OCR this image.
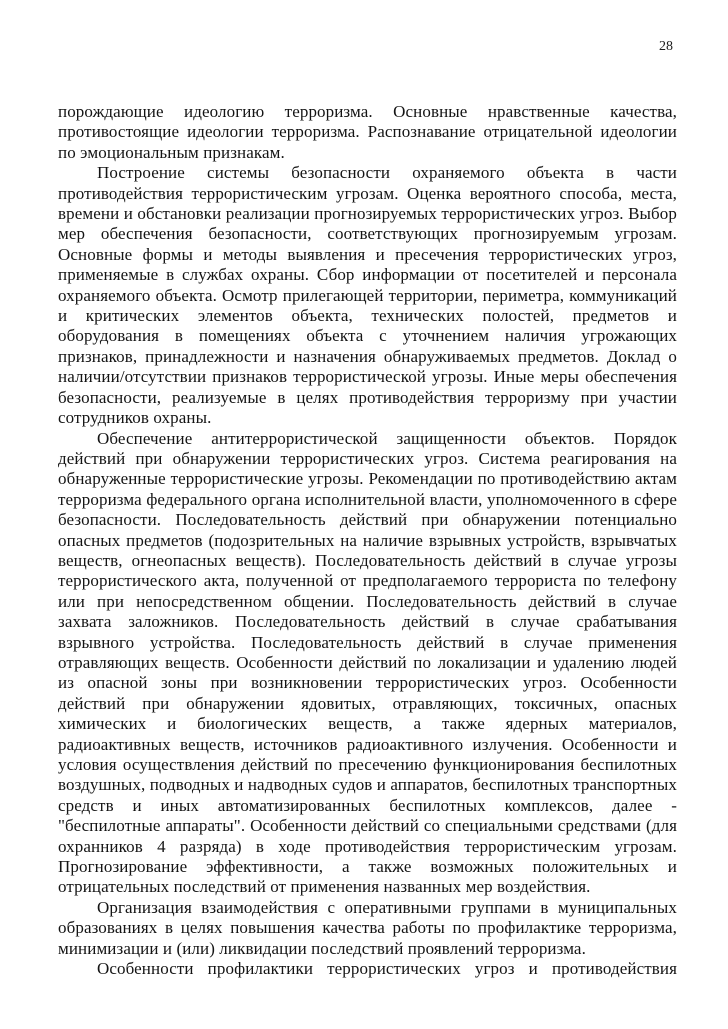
28

порождающие идеологию терроризма. Основные нравственные качества, противостоящие идеологии терроризма. Распознавание отрицательной идеологии по эмоциональным признакам.

Построение системы безопасности охраняемого объекта в части противодействия террористическим угрозам. Оценка вероятного способа, места, времени и обстановки реализации прогнозируемых террористических угроз. Выбор мер обеспечения безопасности, соответствующих прогнозируемым угрозам. Основные формы и методы выявления и пресечения террористических угроз, применяемые в службах охраны. Сбор информации от посетителей и персонала охраняемого объекта. Осмотр прилегающей территории, периметра, коммуникаций и критических элементов объекта, технических полостей, предметов и оборудования в помещениях объекта с уточнением наличия угрожающих признаков, принадлежности и назначения обнаруживаемых предметов. Доклад о наличии/отсутствии признаков террористической угрозы. Иные меры обеспечения безопасности, реализуемые в целях противодействия терроризму при участии сотрудников охраны.

Обеспечение антитеррористической защищенности объектов. Порядок действий при обнаружении террористических угроз. Система реагирования на обнаруженные террористические угрозы. Рекомендации по противодействию актам терроризма федерального органа исполнительной власти, уполномоченного в сфере безопасности. Последовательность действий при обнаружении потенциально опасных предметов (подозрительных на наличие взрывных устройств, взрывчатых веществ, огнеопасных веществ). Последовательность действий в случае угрозы террористического акта, полученной от предполагаемого террориста по телефону или при непосредственном общении. Последовательность действий в случае захвата заложников. Последовательность действий в случае срабатывания взрывного устройства. Последовательность действий в случае применения отравляющих веществ. Особенности действий по локализации и удалению людей из опасной зоны при возникновении террористических угроз. Особенности действий при обнаружении ядовитых, отравляющих, токсичных, опасных химических и биологических веществ, а также ядерных материалов, радиоактивных веществ, источников радиоактивного излучения. Особенности и условия осуществления действий по пресечению функционирования беспилотных воздушных, подводных и надводных судов и аппаратов, беспилотных транспортных средств и иных автоматизированных беспилотных комплексов, далее - "беспилотные аппараты". Особенности действий со специальными средствами (для охранников 4 разряда) в ходе противодействия террористическим угрозам. Прогнозирование эффективности, а также возможных положительных и отрицательных последствий от применения названных мер воздействия.

Организация взаимодействия с оперативными группами в муниципальных образованиях в целях повышения качества работы по профилактике терроризма, минимизации и (или) ликвидации последствий проявлений терроризма.

Особенности профилактики террористических угроз и противодействия
